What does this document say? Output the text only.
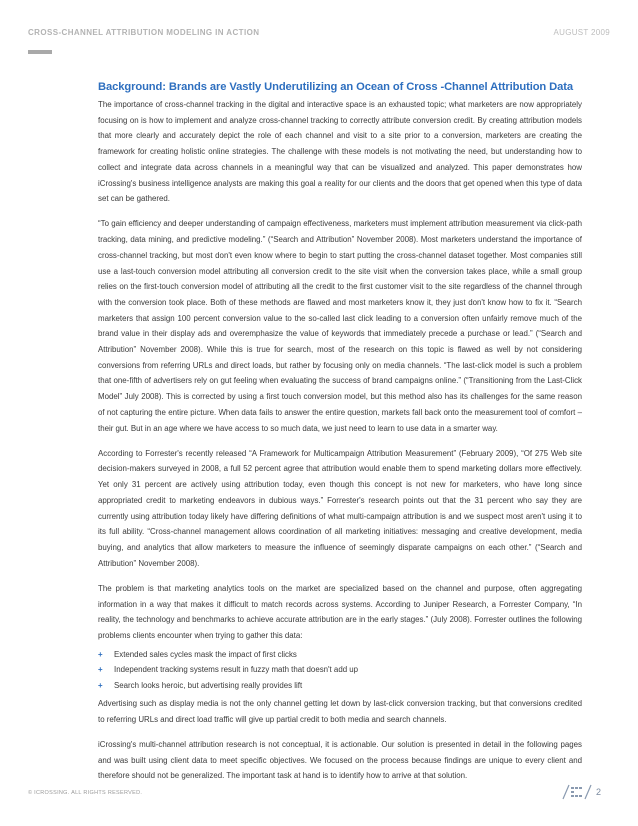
CROSS-CHANNEL ATTRIBUTION MODELING IN ACTION	AUGUST 2009
Background: Brands are Vastly Underutilizing an Ocean of Cross -Channel Attribution Data

The importance of cross-channel tracking in the digital and interactive space is an exhausted topic; what marketers are now appropriately focusing on is how to implement and analyze cross-channel tracking to correctly attribute conversion credit. By creating attribution models that more clearly and accurately depict the role of each channel and visit to a site prior to a conversion, marketers are creating the framework for creating holistic online strategies. The challenge with these models is not motivating the need, but understanding how to collect and integrate data across channels in a meaningful way that can be visualized and analyzed. This paper demonstrates how iCrossing's business intelligence analysts are making this goal a reality for our clients and the doors that get opened when this type of data set can be gathered.

“To gain efficiency and deeper understanding of campaign effectiveness, marketers must implement attribution measurement via click-path tracking, data mining, and predictive modeling.” (“Search and Attribution” November 2008). Most marketers understand the importance of cross-channel tracking, but most don't even know where to begin to start putting the cross-channel dataset together. Most companies still use a last-touch conversion model attributing all conversion credit to the site visit when the conversion takes place, while a small group relies on the first-touch conversion model of attributing all the credit to the first customer visit to the site regardless of the channel through with the conversion took place. Both of these methods are flawed and most marketers know it, they just don't know how to fix it. “Search marketers that assign 100 percent conversion value to the so-called last click leading to a conversion often unfairly remove much of the brand value in their display ads and overemphasize the value of keywords that immediately precede a purchase or lead.” (“Search and Attribution” November 2008). While this is true for search, most of the research on this topic is flawed as well by not considering conversions from referring URLs and direct loads, but rather by focusing only on media channels. “The last-click model is such a problem that one-fifth of advertisers rely on gut feeling when evaluating the success of brand campaigns online.” (“Transitioning from the Last-Click Model” July 2008). This is corrected by using a first touch conversion model, but this method also has its challenges for the same reason of not capturing the entire picture. When data fails to answer the entire question, markets fall back onto the measurement tool of comfort – their gut. But in an age where we have access to so much data, we just need to learn to use data in a smarter way.

According to Forrester's recently released “A Framework for Multicampaign Attribution Measurement” (February 2009), “Of 275 Web site decision-makers surveyed in 2008, a full 52 percent agree that attribution would enable them to spend marketing dollars more effectively. Yet only 31 percent are actively using attribution today, even though this concept is not new for marketers, who have long since appropriated credit to marketing endeavors in dubious ways.” Forrester's research points out that the 31 percent who say they are currently using attribution today likely have differing definitions of what multi-campaign attribution is and we suspect most aren't using it to its full ability. “Cross-channel management allows coordination of all marketing initiatives: messaging and creative development, media buying, and analytics that allow marketers to measure the influence of seemingly disparate campaigns on each other.” (“Search and Attribution” November 2008).

The problem is that marketing analytics tools on the market are specialized based on the channel and purpose, often aggregating information in a way that makes it difficult to match records across systems. According to Juniper Research, a Forrester Company, “In reality, the technology and benchmarks to achieve accurate attribution are in the early stages.” (July 2008). Forrester outlines the following problems clients encounter when trying to gather this data:

+	Extended sales cycles mask the impact of first clicks
+	Independent tracking systems result in fuzzy math that doesn't add up
+	Search looks heroic, but advertising really provides lift

Advertising such as display media is not the only channel getting let down by last-click conversion tracking, but that conversions credited to referring URLs and direct load traffic will give up partial credit to both media and search channels.

iCrossing's multi-channel attribution research is not conceptual, it is actionable. Our solution is presented in detail in the following pages and was built using client data to meet specific objectives. We focused on the process because findings are unique to every client and therefore should not be generalized. The important task at hand is to identify how to arrive at that solution.

© ICROSSING. ALL RIGHTS RESERVED.	2
